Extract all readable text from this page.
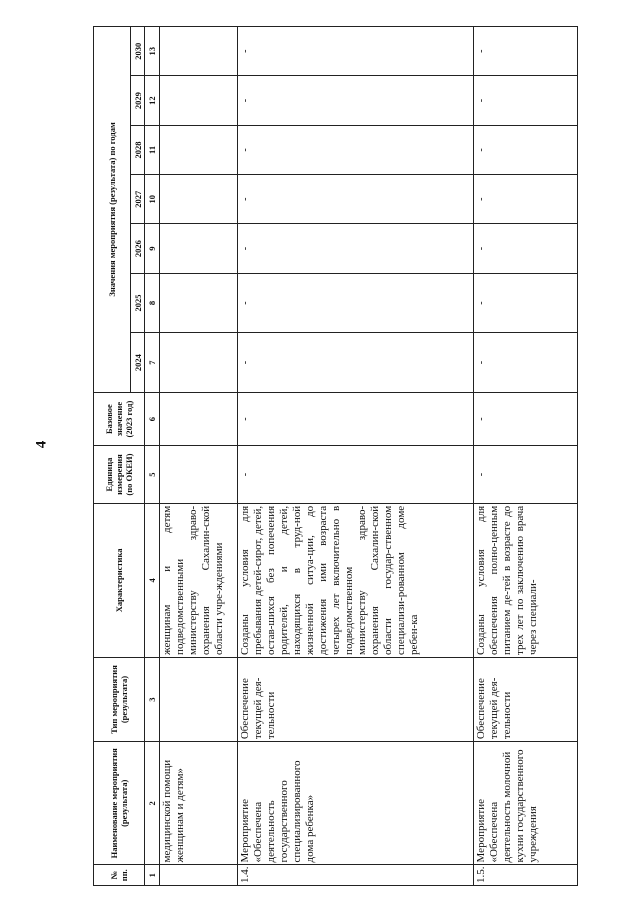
4
№ пп.	Наименование мероприятия (результата)	Тип мероприятия (результата)	Характеристика	Единица измерения (по ОКЕИ)	Базовое значение (2023 год)	Значения мероприятия (результата) по годам						
						2024	2025	2026	2027	2028	2029	2030
1	2	3	4	5	6	7	8	9	10	11	12	13
	медицинской помощи женщинам и детям»		женщинам и детям подведомственными министерству здраво-охранения Сахалин-ской области учре-ждениями									
1.4.	Мероприятие «Обеспечена деятельность государственного специализированного дома ребенка»	Обеспечение текущей дея-тельности	Созданы условия для пребывания детей-сирот, детей, остав-шихся без попечения родителей, и детей, находящихся в труд-ной жизненной ситуа-ции, до достижения ими возраста четырех лет включительно в подведомственном министерству здраво-охранения Сахалин-ской области государ-ственном специализи-рованном доме ребен-ка	-	-	-	-	-	-	-	-	-
1.5.	Мероприятие «Обеспечена деятельность молочной кухни государственного учреждения	Обеспечение текущей дея-тельности	Созданы условия для обеспечения полно-ценным питанием де-тей в возрасте до трех лет по заключению врача через специали-	-	-	-	-	-	-	-	-	-
